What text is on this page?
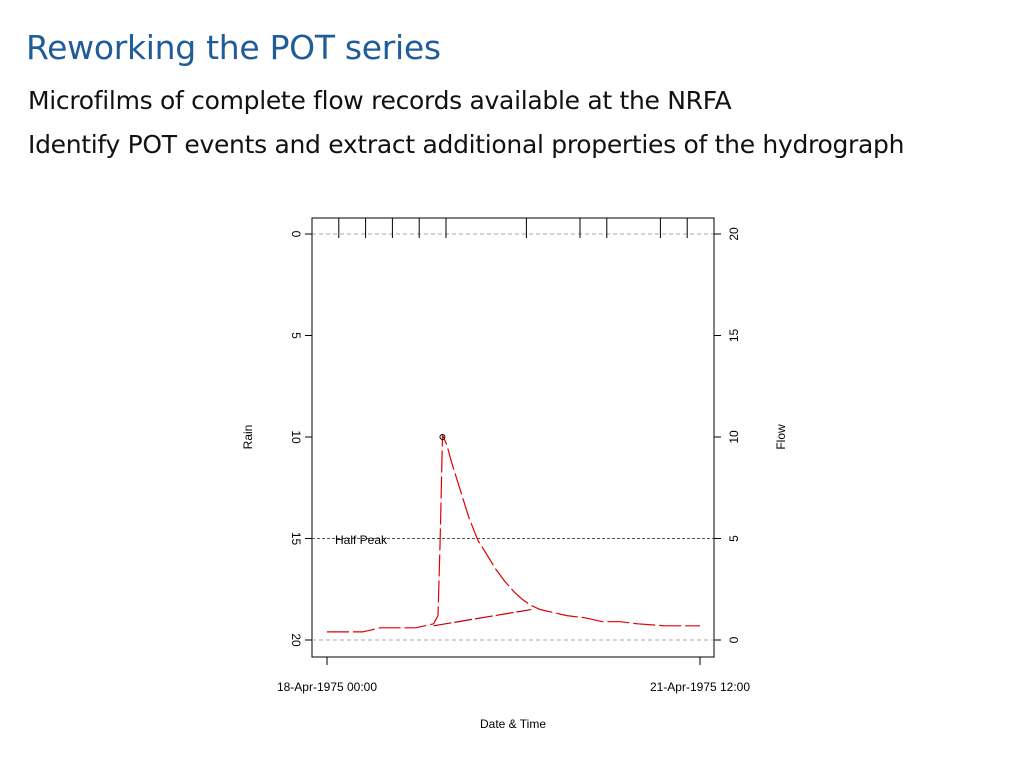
Reworking the POT series
Microfilms of complete flow records available at the NRFA
Identify POT events and extract additional properties of the hydrograph
0
5
10
15
20	0
5
10
15
20
Rain	Flow
Date & Time
18-Apr-1975 00:00	21-Apr-1975 12:00
Half Peak
